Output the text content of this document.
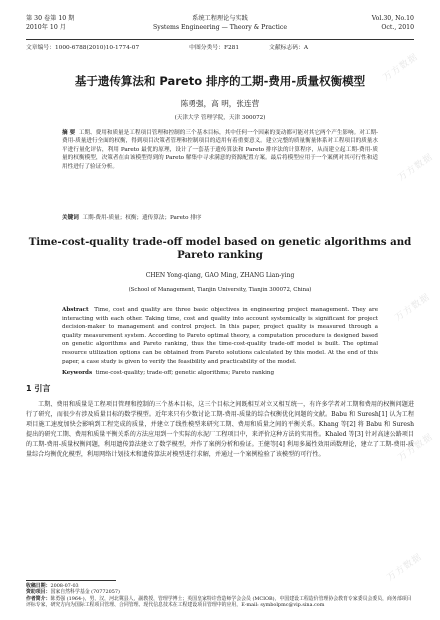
万方数据
万方数据
万方数据
万方数据
万方数据
第 30 卷第 10 期
2010年 10 月
系统工程理论与实践
Systems Engineering — Theory & Practice
Vol.30, No.10
Oct., 2010
文章编号：1000-6788(2010)10-1774-07	中图分类号：F281	文献标志码：A
基于遗传算法和 Pareto 排序的工期-费用-质量权衡模型
陈勇强，高 明，张连营
(天津大学 管理学院，天津 300072)
摘 要 工期、费用和质量是工程项目管理和控制的三个基本目标，其中任何一个因素的变动都可能对其它两个产生影响。对工期-费用-质量进行全面的权衡，得到项目决策者管理和控制项目的适用有着重要意义。建立完整的质量衡量体系对工程项目的质量水平进行量化评估，利用 Pareto 最优的原理，设计了一套基于遗传算法和 Pareto 排序法的计算程序，从而建立起工期-费用-质量的权衡模型，决策者在由该模型得到的 Pareto 解集中寻求满意的资源配置方案。最后将模型应用于一个案例对其可行性和适用性进行了验证分析。
关键词 工期-费用-质量；权衡；遗传算法；Pareto 排序
Time-cost-quality trade-off model based on genetic algorithms and Pareto ranking
CHEN Yong-qiang, GAO Ming, ZHANG Lian-ying
(School of Management, Tianjin University, Tianjin 300072, China)
Abstract Time, cost and quality are three basic objectives in engineering project management. They are interacting with each other. Taking time, cost and quality into account systemically is significant for project decision-maker to management and control project. In this paper, project quality is measured through a quality measurement system. According to Pareto optimal theory, a computation procedure is designed based on genetic algorithms and Pareto ranking, thus the time-cost-quality trade-off model is built. The optimal resource utilization options can be obtained from Pareto solutions calculated by this model. At the end of this paper, a case study is given to verify the feasibility and practicability of the model.
Keywords time-cost-quality; trade-off; genetic algorithms; Pareto ranking
1 引言
工期、费用和质量是工程项目管理和控制的三个基本目标，这三个目标之间既相互对立又相互统一，有许多学者对工期和费用的权衡问题进行了研究，而很少有涉及质量目标的数学模型。近年来只有少数讨论工期-费用-质量的综合权衡优化问题的文献。Babu 和 Suresh[1] 认为工程项目施工速度加快会影响到工程完成的质量，并建立了线性模型来研究工期、费用和质量之间的平衡关系。Khang 等[2] 将 Babu 和 Suresh 提出的研究工期、费用和质量平衡关系的方法应用到一个实际的水泥厂工程项目中，来评价这种方法的实用性。Khaled 等[3] 针对高速公路项目的工期-费用-质量权衡问题，利用遗传算法建立了数学模型，并作了案例分析和验证。王健等[4] 利用多属性效用函数理论，建立了工期-费用-质量综合均衡优化模型，利用网络计划技术和遗传算法对模型进行求解，并通过一个案例检验了该模型的可行性。
收稿日期：2008-07-03
资助项目：国家自然科学基金 (70772057)
作者简介：陈勇强 (1964-)，男，汉，河北冀县人，副教授，管理学博士；英国皇家特许营造师学会会员 (MCIOB)，中国建设工程造价管理协会教育专家委员会委员，商务部项目评标专家，研究方向为国际工程项目管理、合同管理、现代信息技术在工程建设项目管理中的应用，E-mail: symbolpmc@vip.sina.com
